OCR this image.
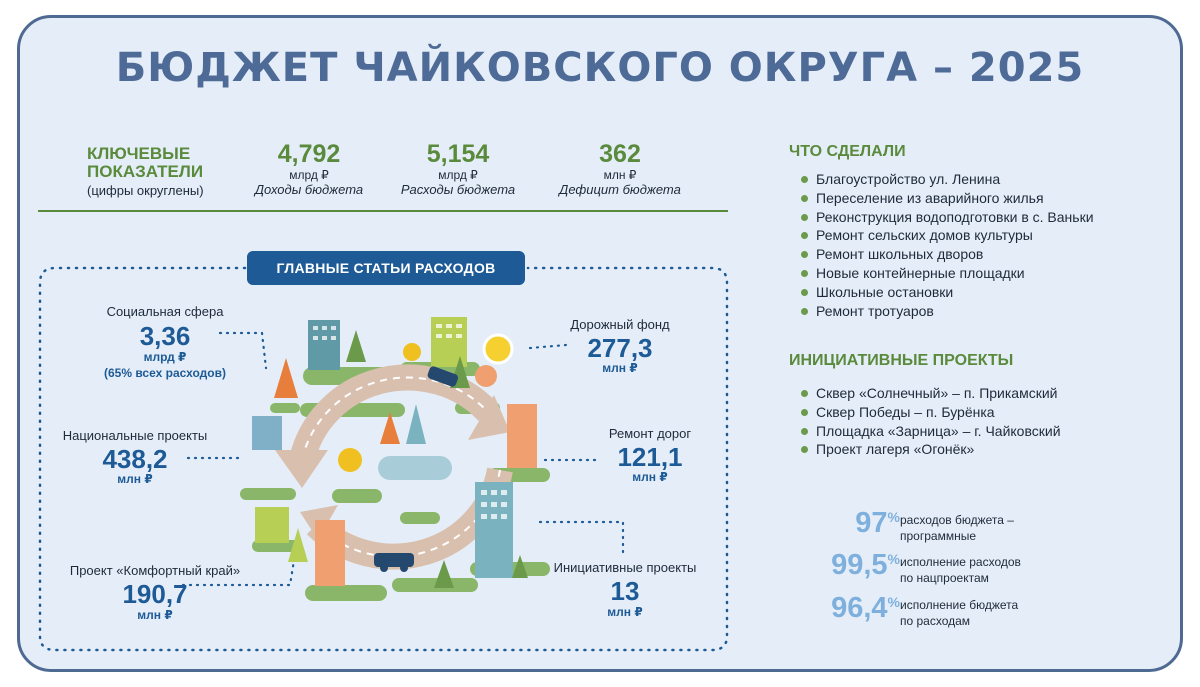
БЮДЖЕТ ЧАЙКОВСКОГО ОКРУГА – 2025
КЛЮЧЕВЫЕ
ПОКАЗАТЕЛИ
(цифры округлены)
4,792
млрд ₽
Доходы бюджета
5,154
млрд ₽
Расходы бюджета
362
млн ₽
Дефицит бюджета
ГЛАВНЫЕ СТАТЬИ РАСХОДОВ
Социальная сфера
3,36
млрд ₽
(65% всех расходов)
Национальные проекты
438,2
млн ₽
Проект «Комфортный край»
190,7
млн ₽
Дорожный фонд
277,3
млн ₽
Ремонт дорог
121,1
млн ₽
Инициативные проекты
13
млн ₽
ЧТО СДЕЛАЛИ
Благоустройство ул. Ленина
Переселение из аварийного жилья
Реконструкция водоподготовки в с. Ваньки
Ремонт сельских домов культуры
Ремонт школьных дворов
Новые контейнерные площадки
Школьные остановки
Ремонт тротуаров
ИНИЦИАТИВНЫЕ ПРОЕКТЫ
Сквер «Солнечный» – п. Прикамский
Сквер Победы – п. Бурёнка
Площадка «Зарница» – г. Чайковский
Проект лагеря «Огонёк»
97% расходов бюджета –
программные
99,5% исполнение расходов
по нацпроектам
96,4% исполнение бюджета
по расходам
